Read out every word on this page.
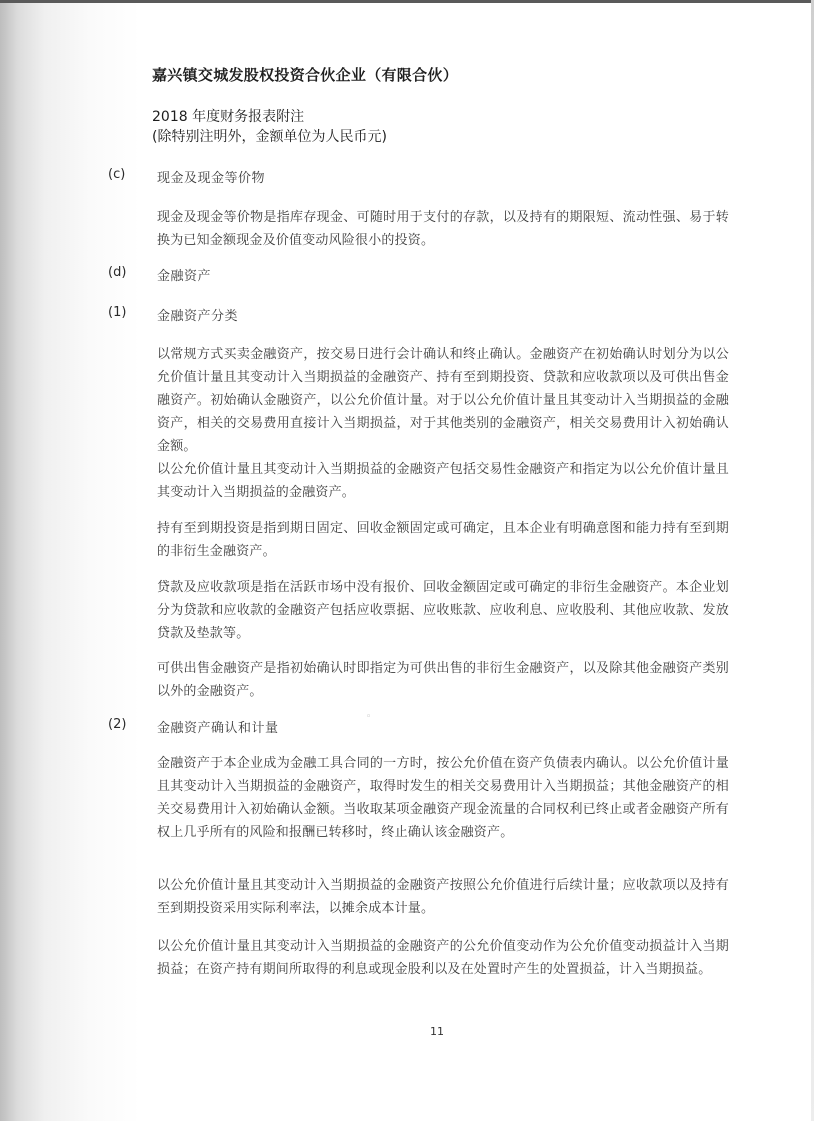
嘉兴镇交城发股权投资合伙企业（有限合伙）
2018 年度财务报表附注
(除特别注明外，金额单位为人民币元)
(c) 现金及现金等价物
现金及现金等价物是指库存现金、可随时用于支付的存款，以及持有的期限短、流动性强、易于转换为已知金额现金及价值变动风险很小的投资。
(d) 金融资产
(1) 金融资产分类
以常规方式买卖金融资产，按交易日进行会计确认和终止确认。金融资产在初始确认时划分为以公允价值计量且其变动计入当期损益的金融资产、持有至到期投资、贷款和应收款项以及可供出售金融资产。初始确认金融资产，以公允价值计量。对于以公允价值计量且其变动计入当期损益的金融资产，相关的交易费用直接计入当期损益，对于其他类别的金融资产，相关交易费用计入初始确认金额。
以公允价值计量且其变动计入当期损益的金融资产包括交易性金融资产和指定为以公允价值计量且其变动计入当期损益的金融资产。
持有至到期投资是指到期日固定、回收金额固定或可确定，且本企业有明确意图和能力持有至到期的非衍生金融资产。
贷款及应收款项是指在活跃市场中没有报价、回收金额固定或可确定的非衍生金融资产。本企业划分为贷款和应收款的金融资产包括应收票据、应收账款、应收利息、应收股利、其他应收款、发放贷款及垫款等。
可供出售金融资产是指初始确认时即指定为可供出售的非衍生金融资产，以及除其他金融资产类别以外的金融资产。
(2) 金融资产确认和计量
◦
金融资产于本企业成为金融工具合同的一方时，按公允价值在资产负债表内确认。以公允价值计量且其变动计入当期损益的金融资产，取得时发生的相关交易费用计入当期损益；其他金融资产的相关交易费用计入初始确认金额。当收取某项金融资产现金流量的合同权利已终止或者金融资产所有权上几乎所有的风险和报酬已转移时，终止确认该金融资产。
以公允价值计量且其变动计入当期损益的金融资产按照公允价值进行后续计量；应收款项以及持有至到期投资采用实际利率法，以摊余成本计量。
以公允价值计量且其变动计入当期损益的金融资产的公允价值变动作为公允价值变动损益计入当期损益；在资产持有期间所取得的利息或现金股利以及在处置时产生的处置损益，计入当期损益。
11
